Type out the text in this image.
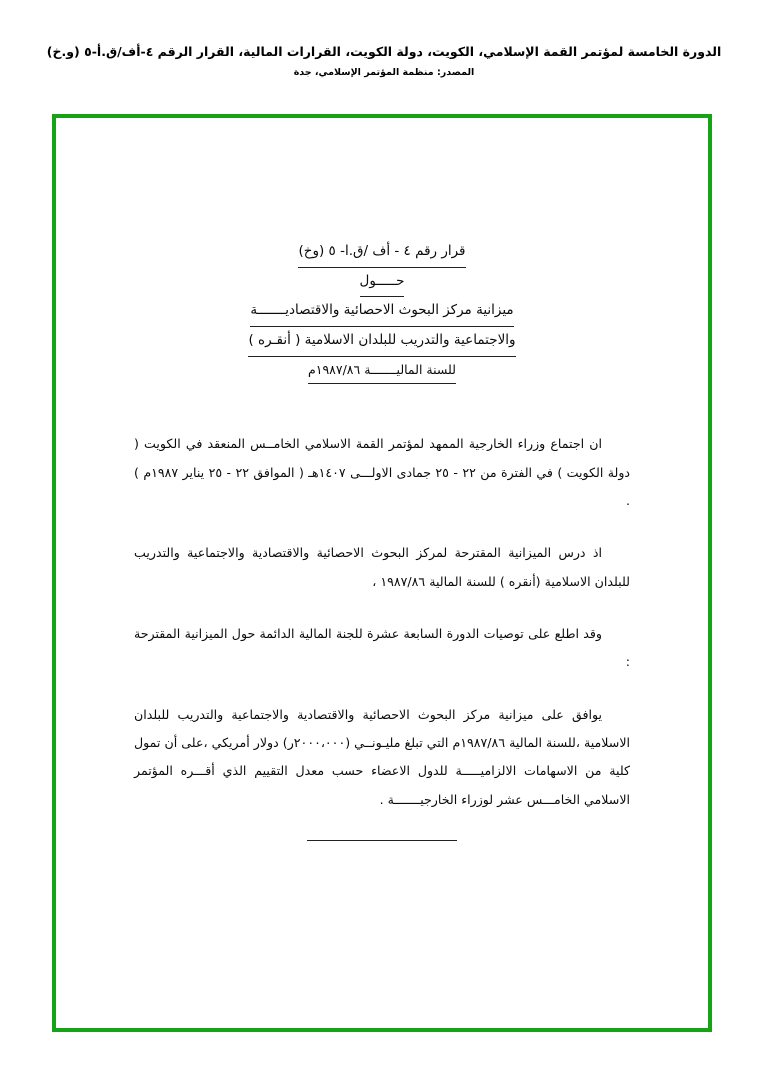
الدورة الخامسة لمؤتمر القمة الإسلامي، الكويت، دولة الكويت، القرارات المالية، القرار الرقم ٤-أف/ق.أ-٥ (و.خ)
المصدر: منظمة المؤتمر الإسلامي، جدة
قرار رقم ٤ - أف /ق.ا- ٥ (وخ)
حـــــول
ميزانية مركز البحوث الاحصائية والاقتصاديـــــــة
والاجتماعية والتدريب للبلدان الاسلامية ( أنقـره )
للسنة الماليـــــــة ١٩٨٧/٨٦م

ان اجتماع وزراء الخارجية الممهد لمؤتمر القمة الاسلامي الخامــس المنعقد في الكويت ( دولة الكويت ) في الفترة من ٢٢ - ٢٥ جمادى الاولـــى ١٤٠٧هـ ( الموافق ٢٢ - ٢٥ يناير ١٩٨٧م ) .

اذ درس الميزانية المقترحة لمركز البحوث الاحصائية والاقتصادية والاجتماعية والتدريب للبلدان الاسلامية (أنقره ) للسنة المالية ١٩٨٧/٨٦ ،

وقد اطلع على توصيات الدورة السابعة عشرة للجنة المالية الدائمة حول الميزانية المقترحة :

يوافق على ميزانية مركز البحوث الاحصائية والاقتصادية والاجتماعية والتدريب للبلدان الاسلامية ،للسنة المالية ١٩٨٧/٨٦م التي تبلغ مليـونــي (٢٠٠٠،٠٠٠ر) دولار أمريكي ،على أن تمول كلية من الاسهامات الالزاميـــــة للدول الاعضاء حسب معدل التقييم الذي أقـــره المؤتمر الاسلامي الخامـــس عشر لوزراء الخارجيـــــــة .
